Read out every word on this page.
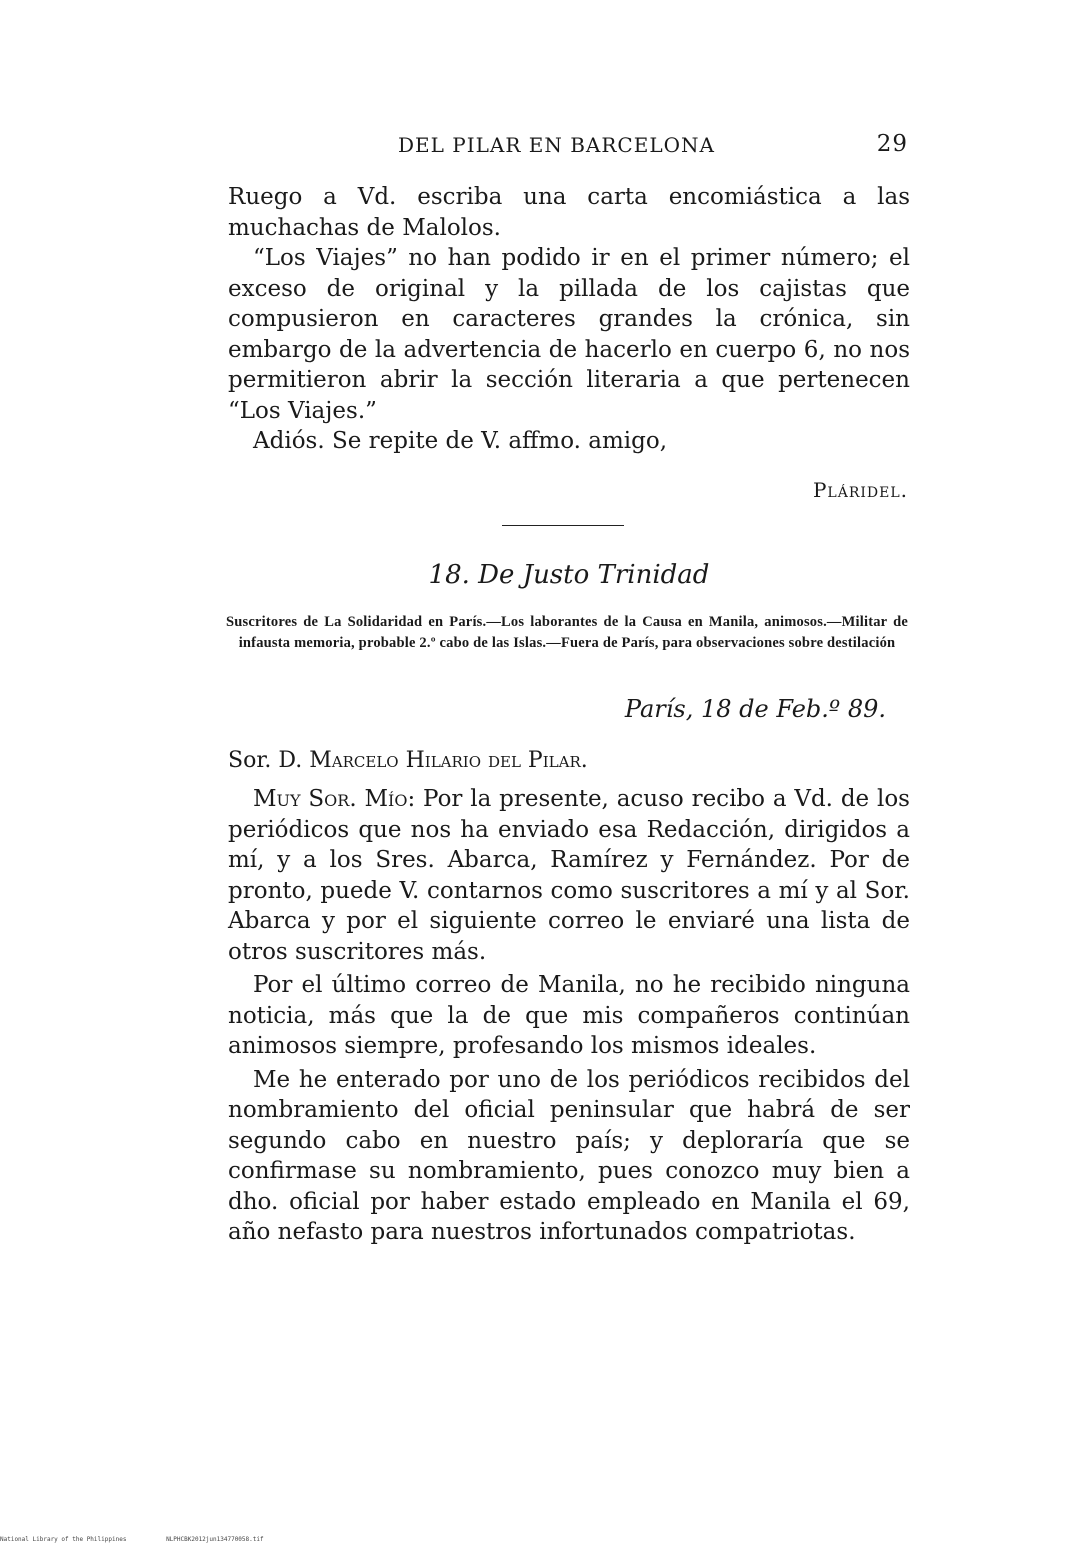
DEL PILAR EN BARCELONA	29

Ruego a Vd. escriba una carta encomiástica a las muchachas de Malolos.

“Los Viajes” no han podido ir en el primer número; el exceso de original y la pillada de los cajistas que compusieron en caracteres grandes la crónica, sin embargo de la advertencia de hacerlo en cuerpo 6, no nos permitieron abrir la sección literaria a que pertenecen “Los Viajes.”

Adiós. Se repite de V. affmo. amigo,

Pláridel.
18. De Justo Trinidad
Suscritores de La Solidaridad en París.—Los laborantes de la Causa en Manila, animosos.—Militar de infausta memoria, probable 2.º cabo de las Islas.—Fuera de París, para observaciones sobre destilación
París, 18 de Feb.º 89.
Sor. D. Marcelo Hilario del Pilar.

Muy Sor. Mío: Por la presente, acuso recibo a Vd. de los periódicos que nos ha enviado esa Redacción, dirigidos a mí, y a los Sres. Abarca, Ramírez y Fernández. Por de pronto, puede V. contarnos como suscritores a mí y al Sor. Abarca y por el siguiente correo le enviaré una lista de otros suscritores más.

Por el último correo de Manila, no he recibido ninguna noticia, más que la de que mis compañeros continúan animosos siempre, profesando los mismos ideales.

Me he enterado por uno de los periódicos recibidos del nombramiento del oficial peninsular que habrá de ser segundo cabo en nuestro país; y deploraría que se confirmase su nombramiento, pues conozco muy bien a dho. oficial por haber estado empleado en Manila el 69, año nefasto para nuestros infortunados compatriotas.

National Library of the Philippines	NLPHCBK2012jun134770058.tif
